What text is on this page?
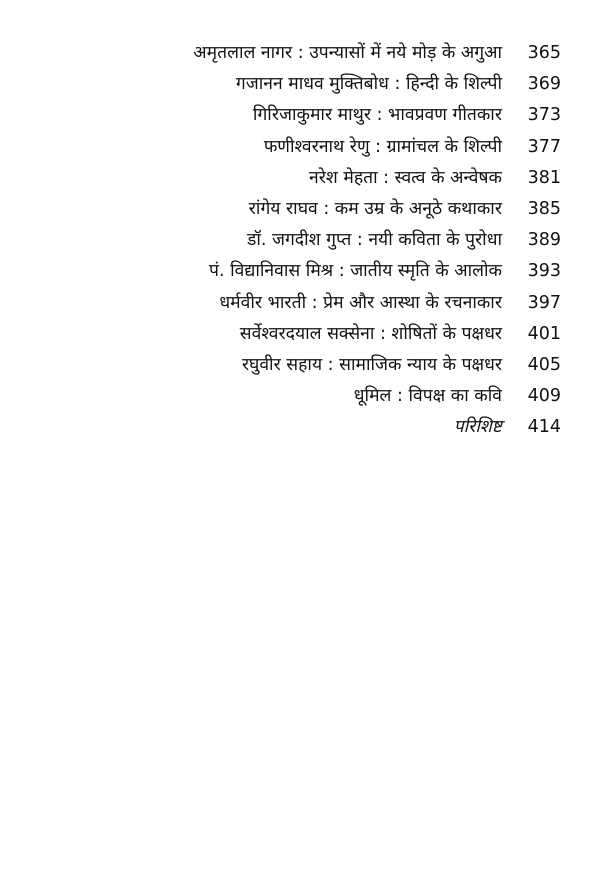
अमृतलाल नागर : उपन्यासों में नये मोड़ के अगुआ	365
गजानन माधव मुक्तिबोध : हिन्दी के शिल्पी	369
गिरिजाकुमार माथुर : भावप्रवण गीतकार	373
फणीश्वरनाथ रेणु : ग्रामांचल के शिल्पी	377
नरेश मेहता : स्वत्व के अन्वेषक	381
रांगेय राघव : कम उम्र के अनूठे कथाकार	385
डॉ. जगदीश गुप्त : नयी कविता के पुरोधा	389
पं. विद्यानिवास मिश्र : जातीय स्मृति के आलोक	393
धर्मवीर भारती : प्रेम और आस्था के रचनाकार	397
सर्वेश्वरदयाल सक्सेना : शोषितों के पक्षधर	401
रघुवीर सहाय : सामाजिक न्याय के पक्षधर	405
धूमिल : विपक्ष का कवि	409
परिशिष्ट	414
